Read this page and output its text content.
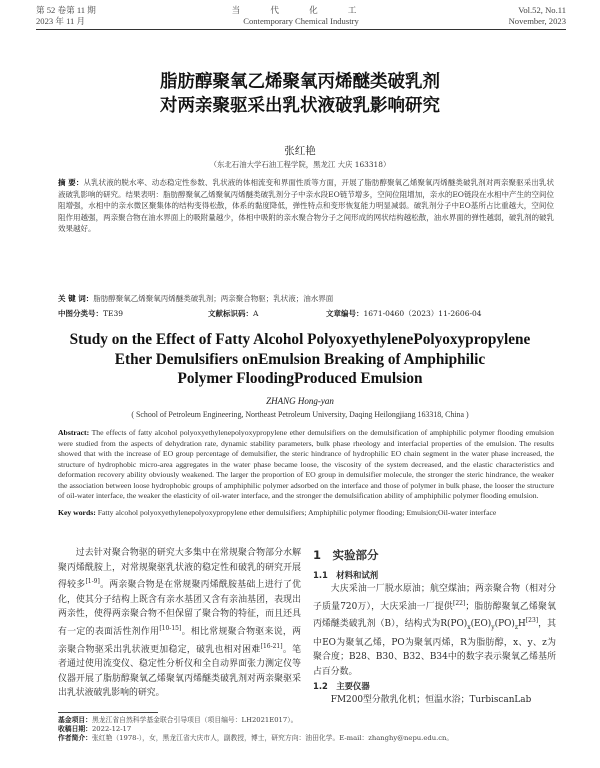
第 52 卷第 11 期
2023 年 11 月
当 代 化 工
Contemporary Chemical Industry
Vol.52, No.11
November, 2023
脂肪醇聚氧乙烯聚氧丙烯醚类破乳剂
对两亲聚驱采出乳状液破乳影响研究
张红艳
（东北石油大学石油工程学院，黑龙江 大庆 163318）
摘 要：从乳状液的脱水率、动态稳定性参数、乳状液的体相流变和界面性质等方面，开展了脂肪醇聚氧乙烯聚氧丙烯醚类破乳剂对两亲聚驱采出乳状液破乳影响的研究。结果表明：脂肪醇聚氧乙烯聚氧丙烯醚类破乳剂分子中亲水段EO链节增多，空间位阻增加，亲水的EO链段在水相中产生的空间位阻增强，水相中的亲水微区聚集体的结构变得松散，体系的黏度降低，弹性特点和变形恢复能力明显减弱。破乳剂分子中EO基所占比重越大，空间位阻作用越强，两亲聚合物在油水界面上的吸附量越少，体相中吸附的亲水聚合物分子之间形成的网状结构越松散，油水界面的弹性越弱，破乳剂的破乳效果越好。
关 键 词：脂肪醇聚氧乙烯聚氧丙烯醚类破乳剂；两亲聚合物驱；乳状液；油水界面
中图分类号：TE39	文献标识码：A	文章编号：1671-0460（2023）11-2606-04
Study on the Effect of Fatty Alcohol PolyoxyethylenePolyoxypropylene
Ether Demulsifiers onEmulsion Breaking of Amphiphilic
Polymer FloodingProduced Emulsion
ZHANG Hong-yan
( School of Petroleum Engineering, Northeast Petroleum University, Daqing Heilongjiang 163318, China )
Abstract: The effects of fatty alcohol polyoxyethylenepolyoxypropylene ether demulsifiers on the demulsification of amphiphilic polymer flooding emulsion were studied from the aspects of dehydration rate, dynamic stability parameters, bulk phase rheology and interfacial properties of the emulsion. The results showed that with the increase of EO group percentage of demulsifier, the steric hindrance of hydrophilic EO chain segment in the water phase increased, the structure of hydrophobic micro-area aggregates in the water phase became loose, the viscosity of the system decreased, and the elastic characteristics and deformation recovery ability obviously weakened. The larger the proportion of EO group in demulsifier molecule, the stronger the steric hindrance, the weaker the association between loose hydrophobic groups of amphiphilic polymer adsorbed on the interface and those of polymer in bulk phase, the looser the structure of oil-water interface, the weaker the elasticity of oil-water interface, and the stronger the demulsification ability of amphiphilic polymer flooding emulsion.
Key words: Fatty alcohol polyoxyethylenepolyoxypropylene ether demulsifiers; Amphiphilic polymer flooding; Emulsion;Oil-water interface

过去针对聚合物驱的研究大多集中在常规聚合物部分水解聚丙烯酰胺上，对常规聚驱乳状液的稳定性和破乳的研究开展得较多[1-9]。两亲聚合物是在常规聚丙烯酰胺基础上进行了优化，使其分子结构上既含有亲水基团又含有亲油基团，表现出两亲性，使得两亲聚合物不但保留了聚合物的特征，而且还具有一定的表面活性剂作用[10-15]。相比常规聚合物驱来说，两亲聚合物驱采出乳状液更加稳定，破乳也相对困难[16-21]。笔者通过使用流变仪、稳定性分析仪和全自动界面张力测定仪等仪器开展了脂肪醇聚氧乙烯聚氧丙烯醚类破乳剂对两亲聚驱采出乳状液破乳影响的研究。

1　实验部分
1.1　材料和试剂

大庆采油一厂脱水原油；航空煤油；两亲聚合物（相对分子质量720万），大庆采油一厂提供[22]；脂肪醇聚氧乙烯聚氧丙烯醚类破乳剂（B），结构式为$R(PO)_x(EO)_y(PO)_zH[23]$，其中EO为聚氧乙烯，PO为聚氧丙烯，R为脂肪醇，x、y、z为聚合度；B28、B30、B32、B34中的数字表示聚氧乙烯基所占百分数。

1.2　主要仪器

FM200型分散乳化机；恒温水浴；TurbiscanLab

基金项目：黑龙江省自然科学基金联合引导项目（项目编号：LH2021E017）。
收稿日期：2022-12-17
作者简介：张红艳（1978-），女，黑龙江省大庆市人，副教授，博士，研究方向：油田化学。E-mail：zhanghy@nepu.edu.cn。
